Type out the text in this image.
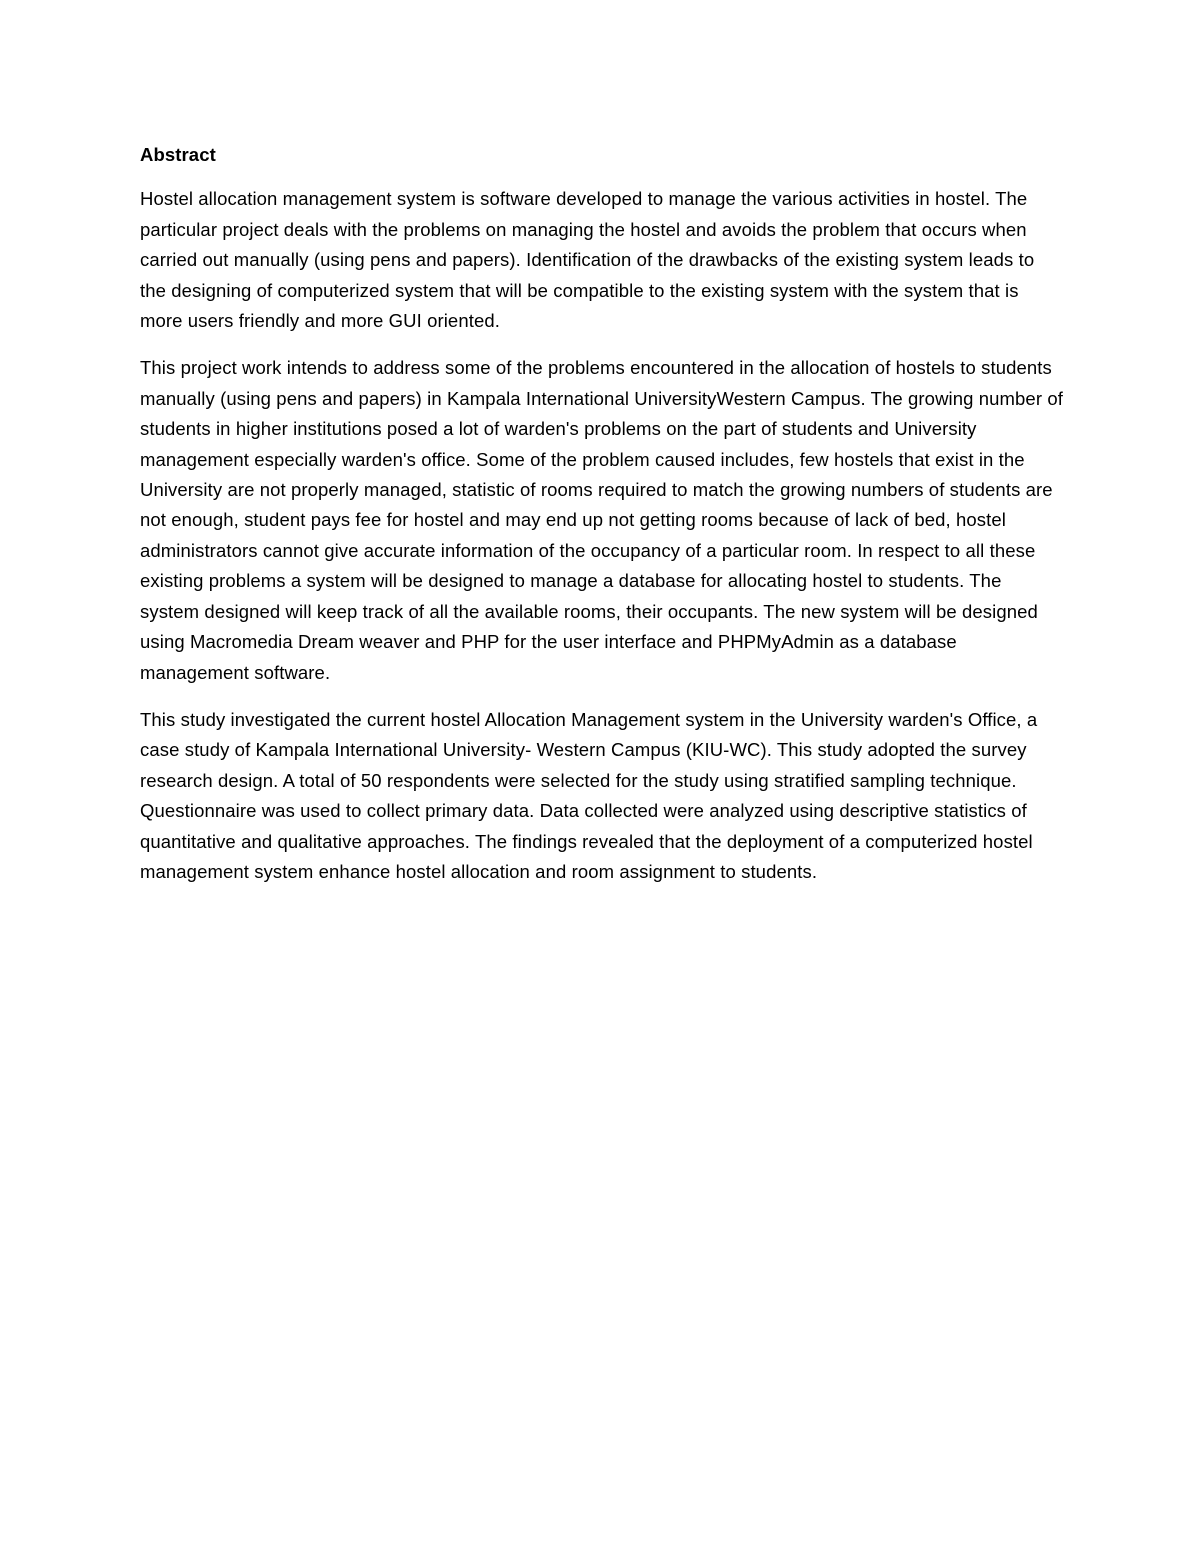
Abstract

Hostel allocation management system is software developed to manage the various activities in hostel. The particular project deals with the problems on managing the hostel and avoids the problem that occurs when carried out manually (using pens and papers). Identification of the drawbacks of the existing system leads to the designing of computerized system that will be compatible to the existing system with the system that is more users friendly and more GUI oriented.

This project work intends to address some of the problems encountered in the allocation of hostels to students manually (using pens and papers) in Kampala International UniversityWestern Campus. The growing number of students in higher institutions posed a lot of warden's problems on the part of students and University management especially warden's office. Some of the problem caused includes, few hostels that exist in the University are not properly managed, statistic of rooms required to match the growing numbers of students are not enough, student pays fee for hostel and may end up not getting rooms because of lack of bed, hostel administrators cannot give accurate information of the occupancy of a particular room. In respect to all these existing problems a system will be designed to manage a database for allocating hostel to students. The system designed will keep track of all the available rooms, their occupants. The new system will be designed using Macromedia Dream weaver and PHP for the user interface and PHPMyAdmin as a database management software.

This study investigated the current hostel Allocation Management system in the University warden's Office, a case study of Kampala International University- Western Campus (KIU-WC). This study adopted the survey research design. A total of 50 respondents were selected for the study using stratified sampling technique. Questionnaire was used to collect primary data. Data collected were analyzed using descriptive statistics of quantitative and qualitative approaches. The findings revealed that the deployment of a computerized hostel management system enhance hostel allocation and room assignment to students.
